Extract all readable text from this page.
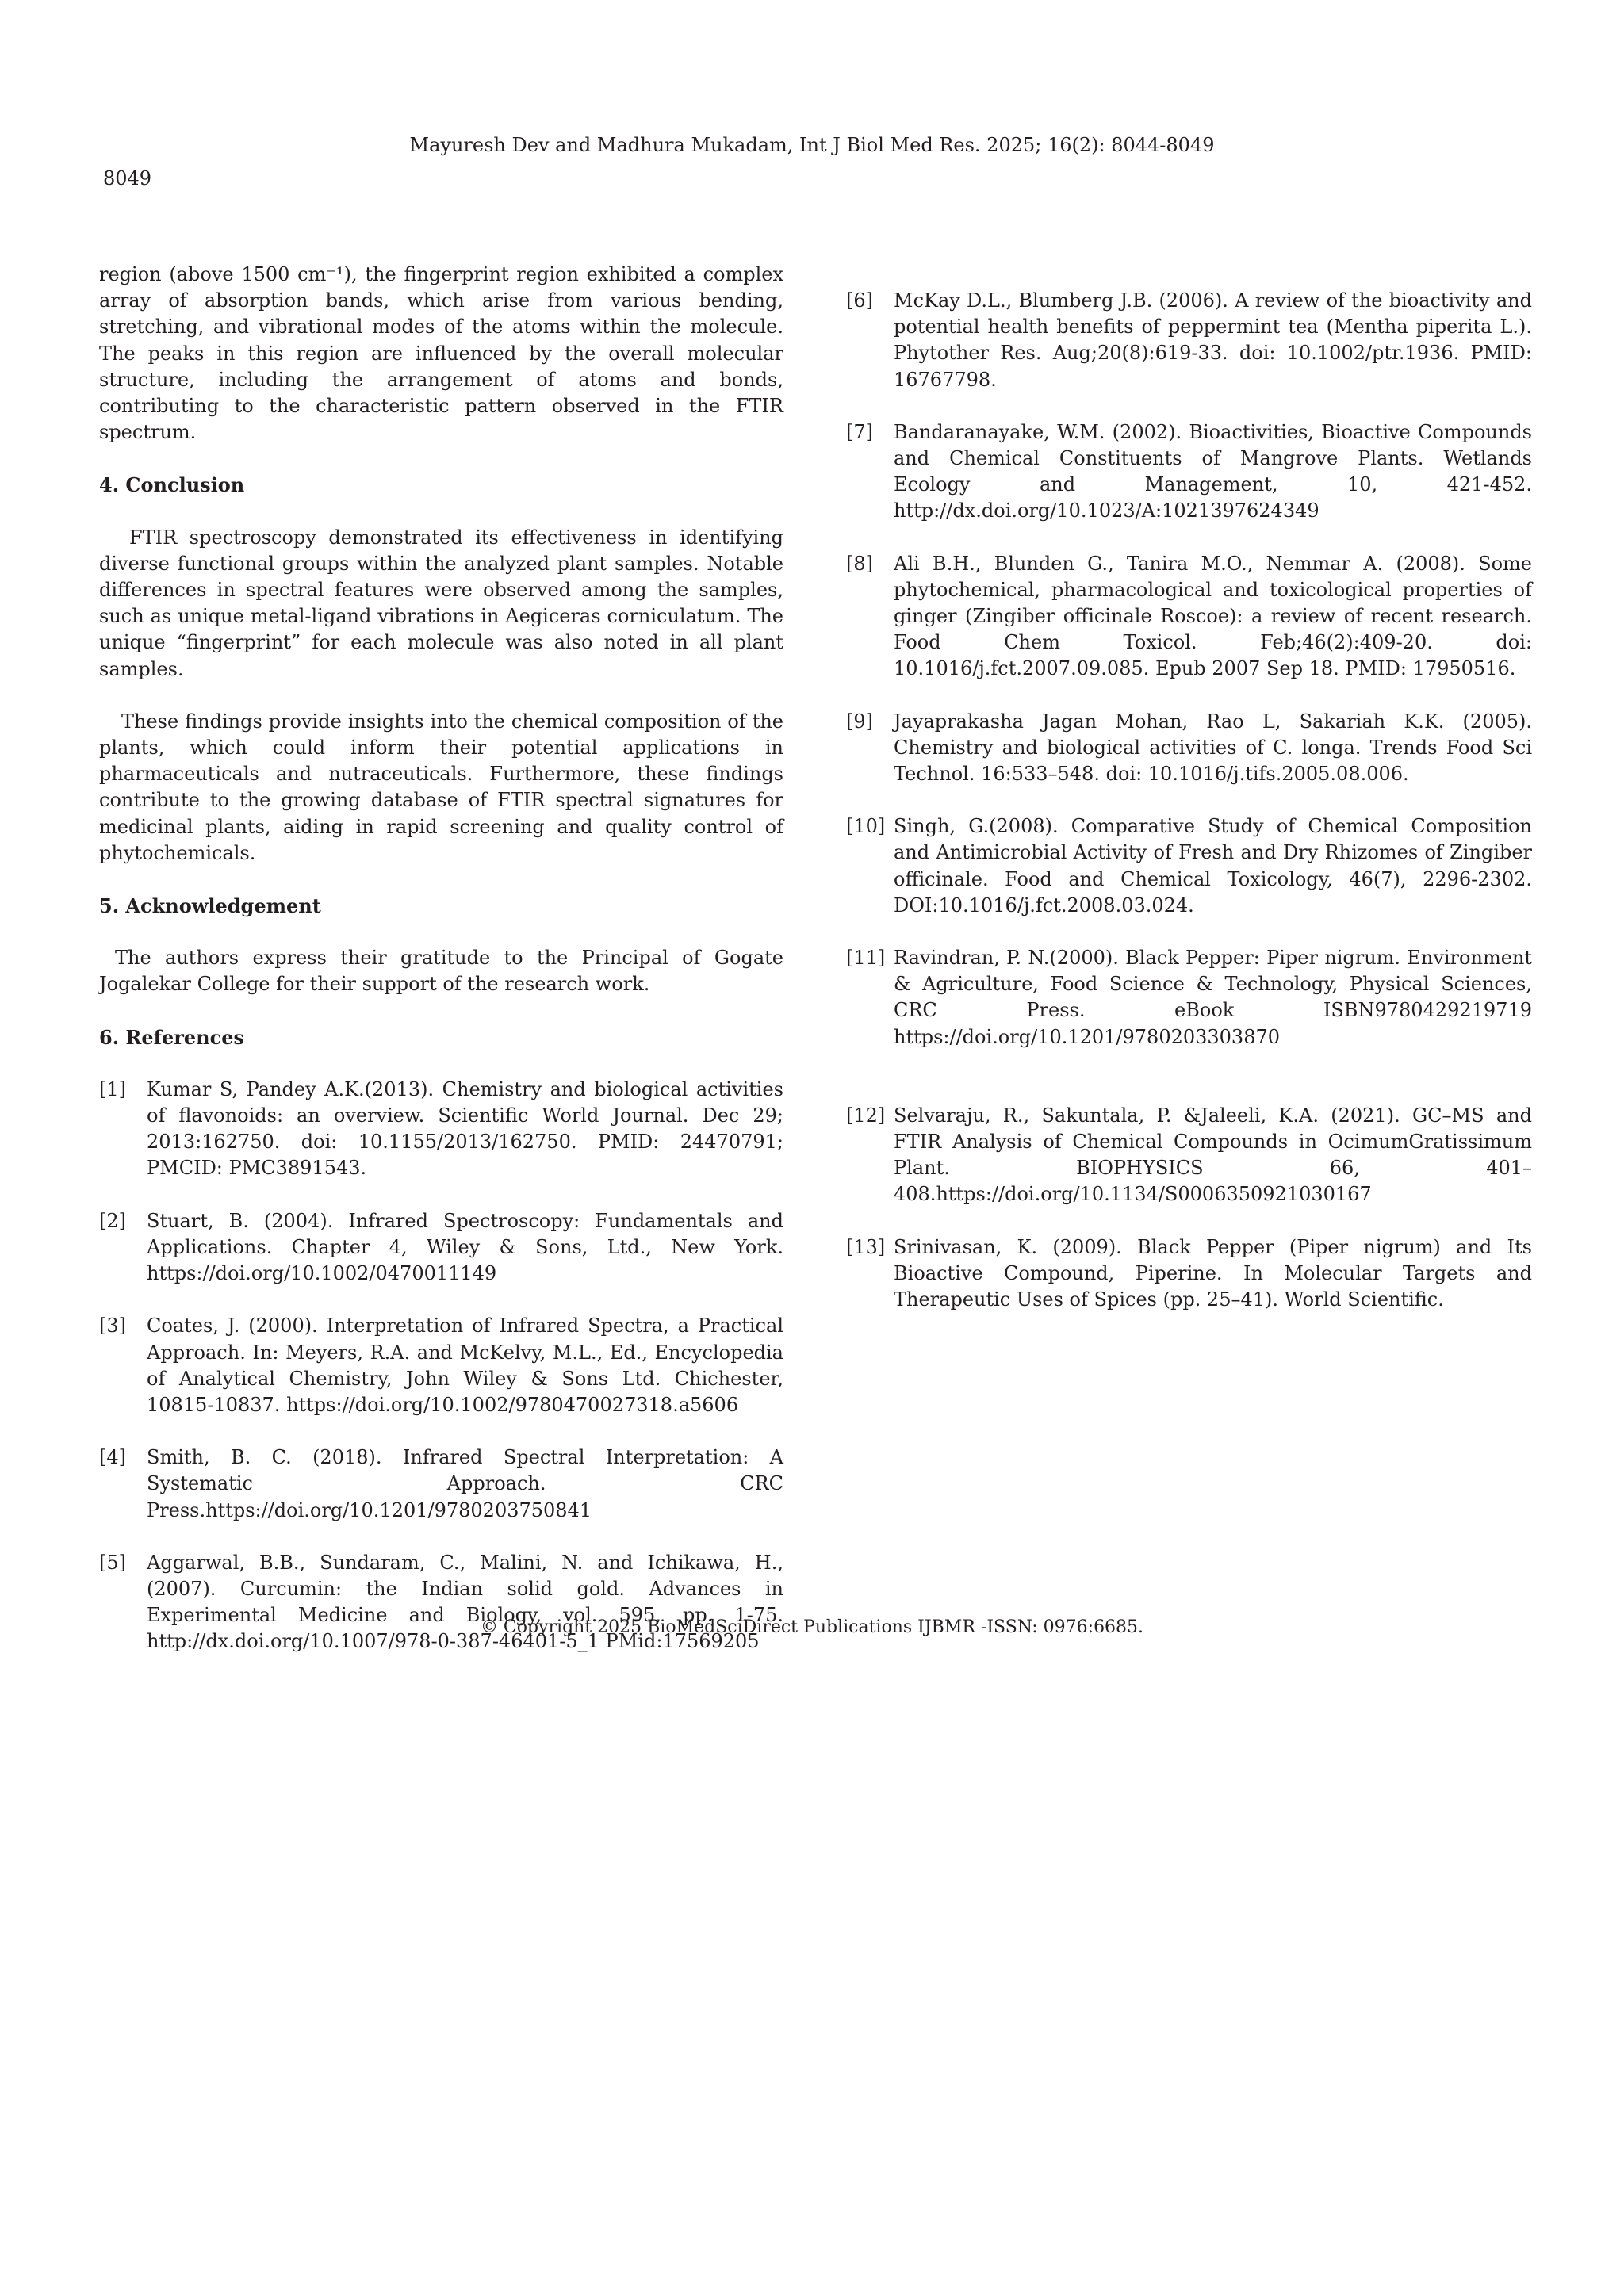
Mayuresh Dev and Madhura Mukadam, Int J Biol Med Res. 2025; 16(2): 8044-8049
8049

region (above 1500 cm⁻¹), the fingerprint region exhibited a complex array of absorption bands, which arise from various bending, stretching, and vibrational modes of the atoms within the molecule. The peaks in this region are influenced by the overall molecular structure, including the arrangement of atoms and bonds, contributing to the characteristic pattern observed in the FTIR spectrum.

4. Conclusion

FTIR spectroscopy demonstrated its effectiveness in identifying diverse functional groups within the analyzed plant samples. Notable differences in spectral features were observed among the samples, such as unique metal-ligand vibrations in Aegiceras corniculatum. The unique “fingerprint” for each molecule was also noted in all plant samples.

These findings provide insights into the chemical composition of the plants, which could inform their potential applications in pharmaceuticals and nutraceuticals. Furthermore, these findings contribute to the growing database of FTIR spectral signatures for medicinal plants, aiding in rapid screening and quality control of phytochemicals.

5. Acknowledgement

The authors express their gratitude to the Principal of Gogate Jogalekar College for their support of the research work.

6. References
[1]	Kumar S, Pandey A.K.(2013). Chemistry and biological activities of flavonoids: an overview. Scientific World Journal. Dec 29; 2013:162750. doi: 10.1155/2013/162750. PMID: 24470791; PMCID: PMC3891543.
[2]	Stuart, B. (2004). Infrared Spectroscopy: Fundamentals and Applications. Chapter 4, Wiley & Sons, Ltd., New York. https://doi.org/10.1002/0470011149
[3]	Coates, J. (2000). Interpretation of Infrared Spectra, a Practical Approach. In: Meyers, R.A. and McKelvy, M.L., Ed., Encyclopedia of Analytical Chemistry, John Wiley & Sons Ltd. Chichester, 10815-10837. https://doi.org/10.1002/9780470027318.a5606
[4]	Smith, B. C. (2018). Infrared Spectral Interpretation: A Systematic Approach. CRC Press.https://doi.org/10.1201/9780203750841
[5]	Aggarwal, B.B., Sundaram, C., Malini, N. and Ichikawa, H., (2007). Curcumin: the Indian solid gold. Advances in Experimental Medicine and Biology, vol. 595, pp. 1-75. http://dx.doi.org/10.1007/978-0-387-46401-5_1 PMid:17569205
[6]	McKay D.L., Blumberg J.B. (2006). A review of the bioactivity and potential health benefits of peppermint tea (Mentha piperita L.). Phytother Res. Aug;20(8):619-33. doi: 10.1002/ptr.1936. PMID: 16767798.
[7]	Bandaranayake, W.M. (2002). Bioactivities, Bioactive Compounds and Chemical Constituents of Mangrove Plants. Wetlands Ecology and Management, 10, 421-452. http://dx.doi.org/10.1023/A:1021397624349
[8]	Ali B.H., Blunden G., Tanira M.O., Nemmar A. (2008). Some phytochemical, pharmacological and toxicological properties of ginger (Zingiber officinale Roscoe): a review of recent research. Food Chem Toxicol. Feb;46(2):409-20. doi: 10.1016/j.fct.2007.09.085. Epub 2007 Sep 18. PMID: 17950516.
[9]	Jayaprakasha Jagan Mohan, Rao L, Sakariah K.K. (2005). Chemistry and biological activities of C. longa. Trends Food Sci Technol. 16:533–548. doi: 10.1016/j.tifs.2005.08.006.
[10] Singh, G.(2008). Comparative Study of Chemical Composition and Antimicrobial Activity of Fresh and Dry Rhizomes of Zingiber officinale. Food and Chemical Toxicology, 46(7), 2296-2302. DOI:10.1016/j.fct.2008.03.024.
[11] Ravindran, P. N.(2000). Black Pepper: Piper nigrum. Environment & Agriculture, Food Science & Technology, Physical Sciences, CRC Press. eBook ISBN9780429219719 https://doi.org/10.1201/9780203303870
[12] Selvaraju, R., Sakuntala, P. &Jaleeli, K.A. (2021). GC–MS and FTIR Analysis of Chemical Compounds in OcimumGratissimum Plant. BIOPHYSICS 66, 401–408.https://doi.org/10.1134/S0006350921030167
[13] Srinivasan, K. (2009). Black Pepper (Piper nigrum) and Its Bioactive Compound, Piperine. In Molecular Targets and Therapeutic Uses of Spices (pp. 25–41). World Scientific.
© Copyright 2025 BioMedSciDirect Publications IJBMR -ISSN: 0976:6685.
